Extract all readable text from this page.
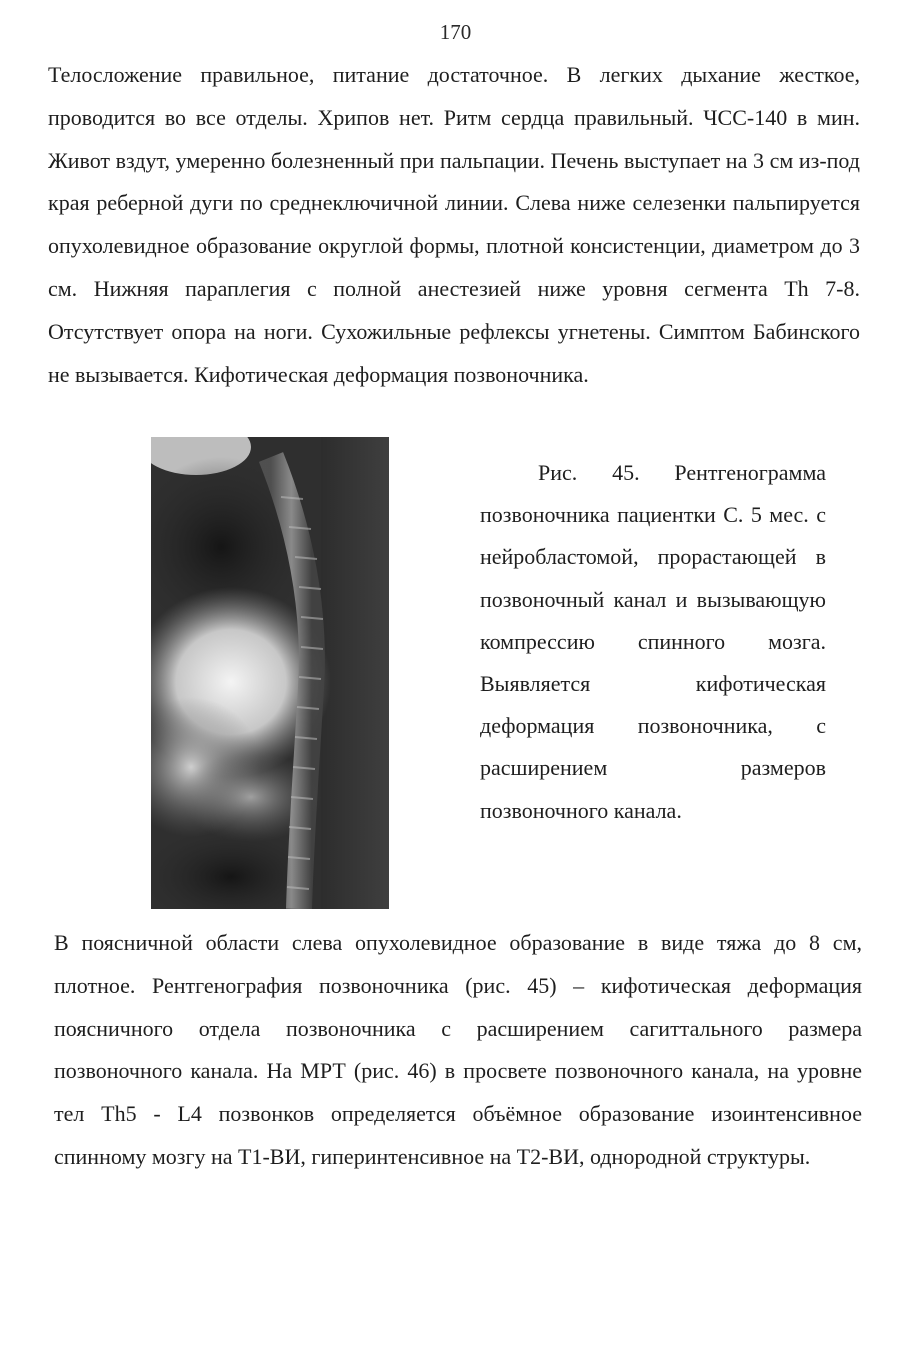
170

Телосложение правильное, питание достаточное. В легких дыхание жесткое, проводится во все отделы. Хрипов нет. Ритм сердца правильный. ЧСС-140 в мин. Живот вздут, умеренно болезненный при пальпации. Печень выступает на 3 см из-под края реберной дуги по среднеключичной линии. Слева ниже селезенки пальпируется опухолевидное образование округлой формы, плотной консистенции, диаметром до 3 см. Нижняя параплегия с полной анестезией ниже уровня сегмента Th 7-8. Отсутствует опора на ноги. Сухожильные рефлексы угнетены. Симптом Бабинского не вызывается. Кифотическая деформация позвоночника.

Рис. 45. Рентгенограмма позвоночника пациентки С. 5 мес. с нейробластомой, прорастающей в позвоночный канал и вызывающую компрессию спинного мозга. Выявляется кифотическая деформация позвоночника, с расширением размеров позвоночного канала.

В поясничной области слева опухолевидное образование в виде тяжа до 8 см, плотное. Рентгенография позвоночника (рис. 45) – кифотическая деформация поясничного отдела позвоночника с расширением сагиттального размера позвоночного канала. На МРТ (рис. 46) в просвете позвоночного канала, на уровне тел Th5 - L4 позвонков определяется объёмное образование изоинтенсивное спинному мозгу на T1-ВИ, гиперинтенсивное на T2-ВИ, однородной структуры.
